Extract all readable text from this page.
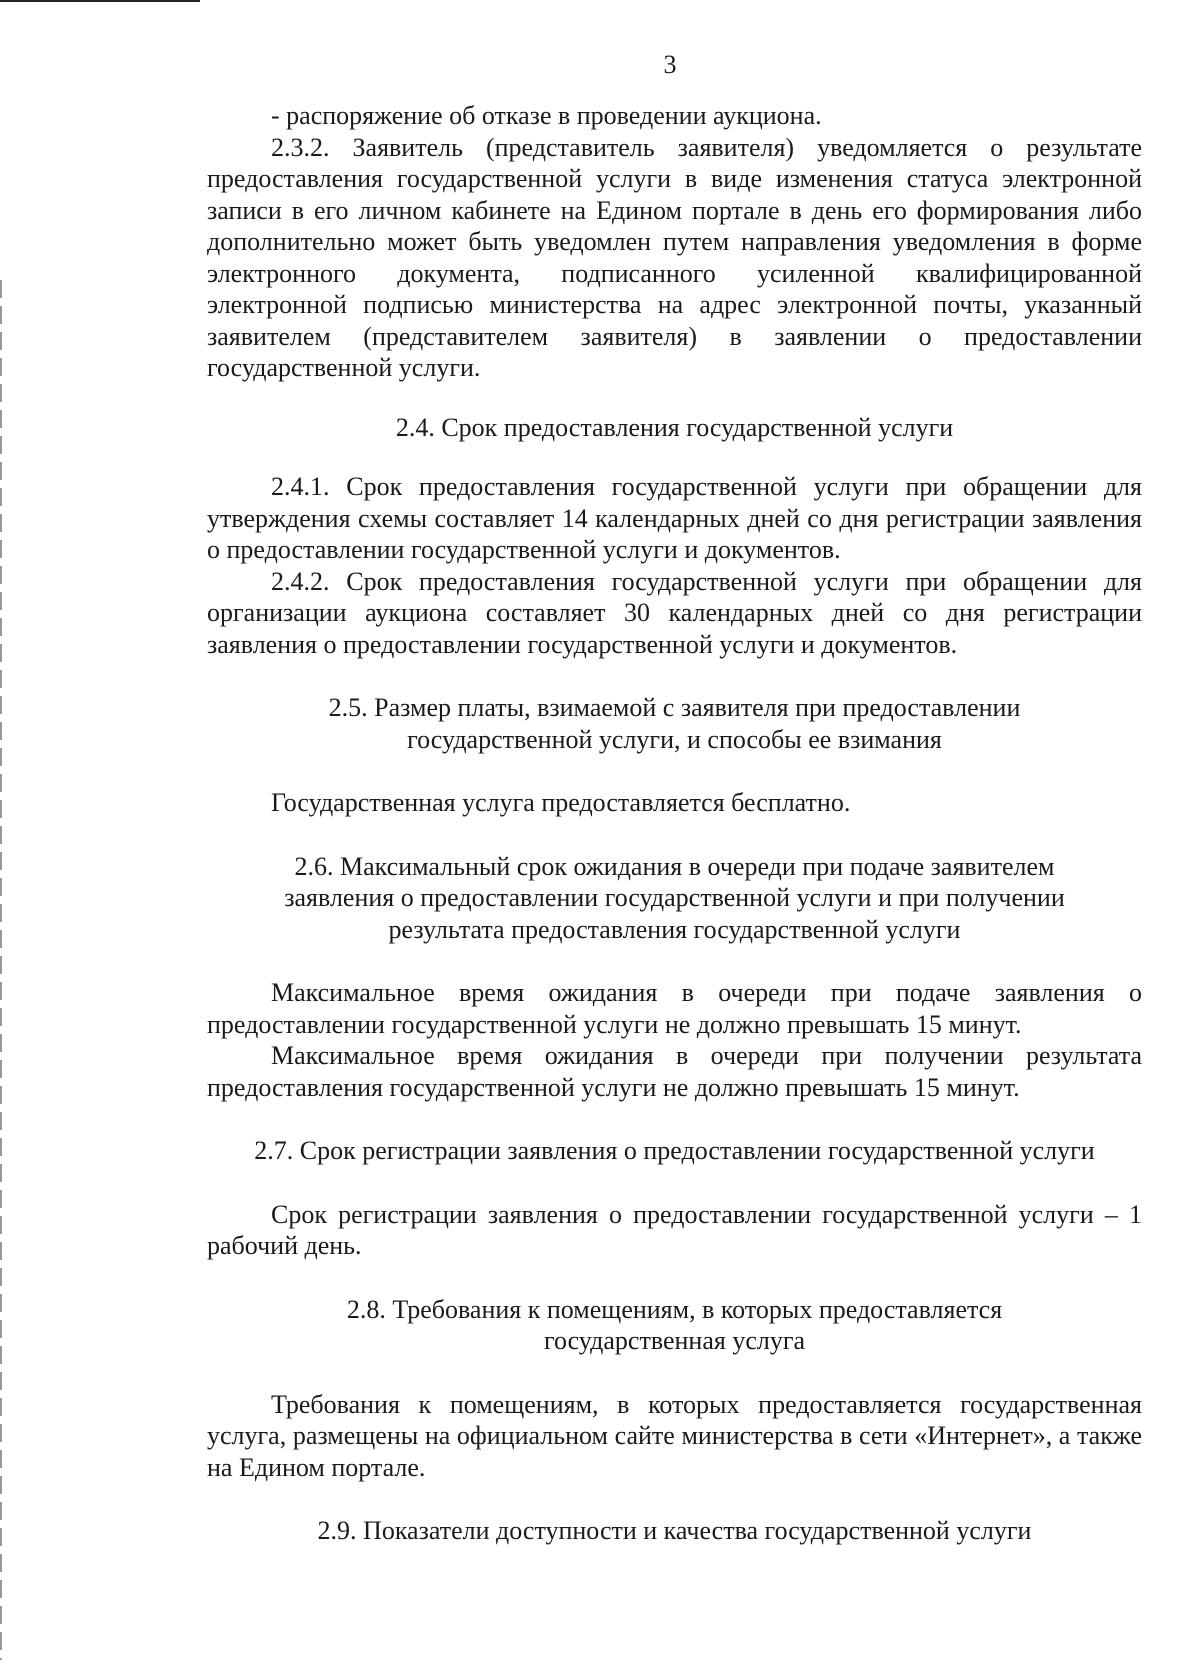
3

- распоряжение об отказе в проведении аукциона.

2.3.2. Заявитель (представитель заявителя) уведомляется о результате предоставления государственной услуги в виде изменения статуса электронной записи в его личном кабинете на Едином портале в день его формирования либо дополнительно может быть уведомлен путем направления уведомления в форме электронного документа, подписанного усиленной квалифицированной электронной подписью министерства на адрес электронной почты, указанный заявителем (представителем заявителя) в заявлении о предоставлении государственной услуги.

2.4. Срок предоставления государственной услуги

2.4.1. Срок предоставления государственной услуги при обращении для утверждения схемы составляет 14 календарных дней со дня регистрации заявления о предоставлении государственной услуги и документов.

2.4.2. Срок предоставления государственной услуги при обращении для организации аукциона составляет 30 календарных дней со дня регистрации заявления о предоставлении государственной услуги и документов.

2.5. Размер платы, взимаемой с заявителя при предоставлении

государственной услуги, и способы ее взимания

Государственная услуга предоставляется бесплатно.

2.6. Максимальный срок ожидания в очереди при подаче заявителем

заявления о предоставлении государственной услуги и при получении

результата предоставления государственной услуги

Максимальное время ожидания в очереди при подаче заявления о предоставлении государственной услуги не должно превышать 15 минут.

Максимальное время ожидания в очереди при получении результата предоставления государственной услуги не должно превышать 15 минут.

2.7. Срок регистрации заявления о предоставлении государственной услуги

Срок регистрации заявления о предоставлении государственной услуги – 1 рабочий день.

2.8. Требования к помещениям, в которых предоставляется

государственная услуга

Требования к помещениям, в которых предоставляется государственная услуга, размещены на официальном сайте министерства в сети «Интернет», а также на Едином портале.

2.9. Показатели доступности и качества государственной услуги
